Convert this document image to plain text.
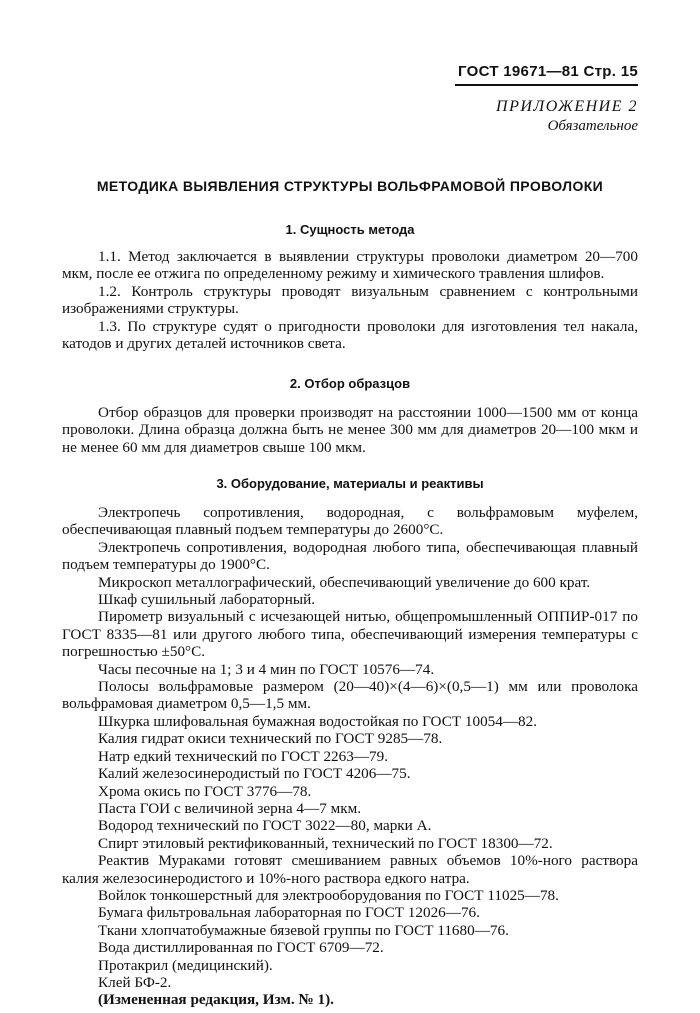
ГОСТ 19671—81 Стр. 15
ПРИЛОЖЕНИЕ 2
Обязательное
МЕТОДИКА ВЫЯВЛЕНИЯ СТРУКТУРЫ ВОЛЬФРАМОВОЙ ПРОВОЛОКИ
1. Сущность метода
1.1. Метод заключается в выявлении структуры проволоки диаметром 20—700 мкм, после ее отжига по определенному режиму и химического травления шлифов.
1.2. Контроль структуры проводят визуальным сравнением с контрольными изображениями структуры.
1.3. По структуре судят о пригодности проволоки для изготовления тел накала, катодов и других деталей источников света.
2. Отбор образцов
Отбор образцов для проверки производят на расстоянии 1000—1500 мм от конца проволоки. Длина образца должна быть не менее 300 мм для диаметров 20—100 мкм и не менее 60 мм для диаметров свыше 100 мкм.
3. Оборудование, материалы и реактивы
Электропечь сопротивления, водородная, с вольфрамовым муфелем, обеспечивающая плавный подъем температуры до 2600°С.
Электропечь сопротивления, водородная любого типа, обеспечивающая плавный подъем температуры до 1900°С.
Микроскоп металлографический, обеспечивающий увеличение до 600 крат.
Шкаф сушильный лабораторный.
Пирометр визуальный с исчезающей нитью, общепромышленный ОППИР-017 по ГОСТ 8335—81 или другого любого типа, обеспечивающий измерения температуры с погрешностью ±50°С.
Часы песочные на 1; 3 и 4 мин по ГОСТ 10576—74.
Полосы вольфрамовые размером (20—40)×(4—6)×(0,5—1) мм или проволока вольфрамовая диаметром 0,5—1,5 мм.
Шкурка шлифовальная бумажная водостойкая по ГОСТ 10054—82.
Калия гидрат окиси технический по ГОСТ 9285—78.
Натр едкий технический по ГОСТ 2263—79.
Калий железосинеродистый по ГОСТ 4206—75.
Хрома окись по ГОСТ 3776—78.
Паста ГОИ с величиной зерна 4—7 мкм.
Водород технический по ГОСТ 3022—80, марки А.
Спирт этиловый ректификованный, технический по ГОСТ 18300—72.
Реактив Мураками готовят смешиванием равных объемов 10%-ного раствора калия железосинеродистого и 10%-ного раствора едкого натра.
Войлок тонкошерстный для электрооборудования по ГОСТ 11025—78.
Бумага фильтровальная лабораторная по ГОСТ 12026—76.
Ткани хлопчатобумажные бязевой группы по ГОСТ 11680—76.
Вода дистиллированная по ГОСТ 6709—72.
Протакрил (медицинский).
Клей БФ-2.
(Измененная редакция, Изм. № 1).
